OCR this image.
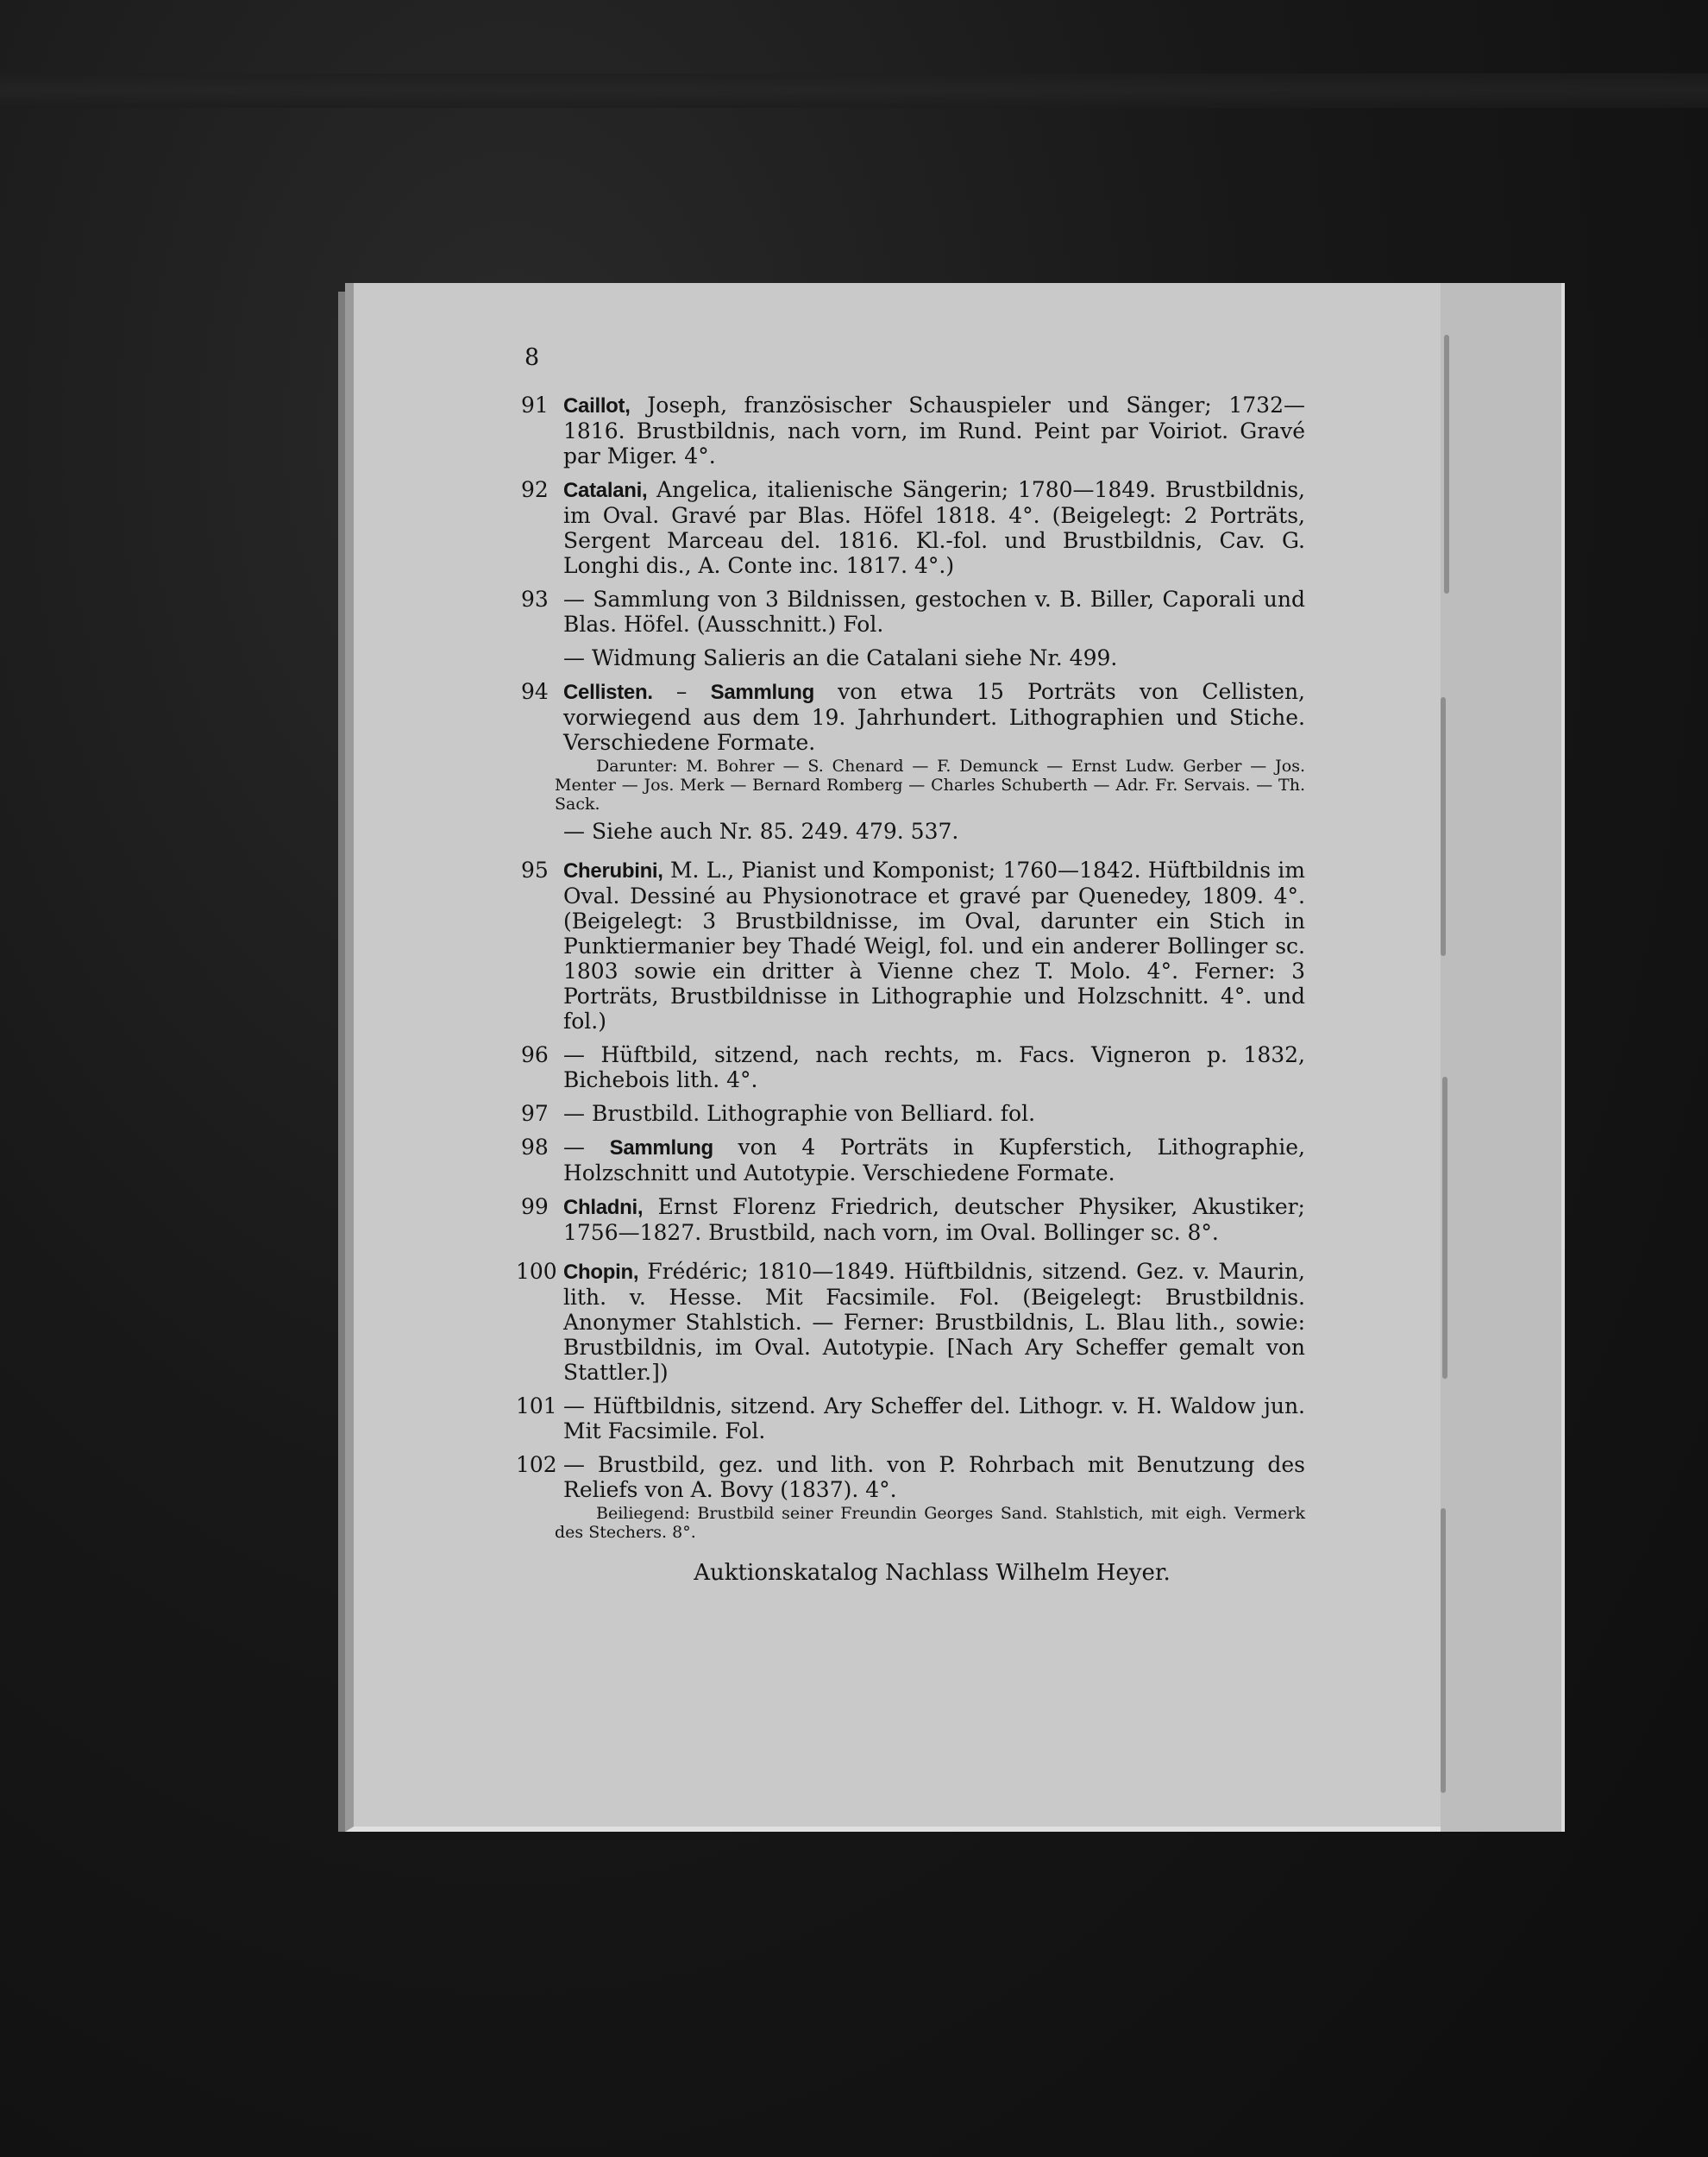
8
91 Caillot, Joseph, französischer Schauspieler und Sänger; 1732—1816. Brustbildnis, nach vorn, im Rund. Peint par Voiriot. Gravé par Miger. 4°.
92 Catalani, Angelica, italienische Sängerin; 1780—1849. Brustbildnis, im Oval. Gravé par Blas. Höfel 1818. 4°. (Beigelegt: 2 Porträts, Sergent Marceau del. 1816. Kl.-fol. und Brustbildnis, Cav. G. Longhi dis., A. Conte inc. 1817. 4°.)
93 — Sammlung von 3 Bildnissen, gestochen v. B. Biller, Caporali und Blas. Höfel. (Ausschnitt.) Fol.
— Widmung Salieris an die Catalani siehe Nr. 499.
94 Cellisten. – Sammlung von etwa 15 Porträts von Cellisten, vorwiegend aus dem 19. Jahrhundert. Lithographien und Stiche. Verschiedene Formate.
Darunter: M. Bohrer — S. Chenard — F. Demunck — Ernst Ludw. Gerber — Jos. Menter — Jos. Merk — Bernard Romberg — Charles Schuberth — Adr. Fr. Servais. — Th. Sack.
— Siehe auch Nr. 85. 249. 479. 537.
95 Cherubini, M. L., Pianist und Komponist; 1760—1842. Hüftbildnis im Oval. Dessiné au Physionotrace et gravé par Quenedey, 1809. 4°. (Beigelegt: 3 Brustbildnisse, im Oval, darunter ein Stich in Punktiermanier bey Thadé Weigl, fol. und ein anderer Bollinger sc. 1803 sowie ein dritter à Vienne chez T. Molo. 4°. Ferner: 3 Porträts, Brustbildnisse in Lithographie und Holzschnitt. 4°. und fol.)
96 — Hüftbild, sitzend, nach rechts, m. Facs. Vigneron p. 1832, Bichebois lith. 4°.
97 — Brustbild. Lithographie von Belliard. fol.
98 — Sammlung von 4 Porträts in Kupferstich, Lithographie, Holzschnitt und Autotypie. Verschiedene Formate.
99 Chladni, Ernst Florenz Friedrich, deutscher Physiker, Akustiker; 1756—1827. Brustbild, nach vorn, im Oval. Bollinger sc. 8°.
100 Chopin, Frédéric; 1810—1849. Hüftbildnis, sitzend. Gez. v. Maurin, lith. v. Hesse. Mit Facsimile. Fol. (Beigelegt: Brustbildnis. Anonymer Stahlstich. — Ferner: Brustbildnis, L. Blau lith., sowie: Brustbildnis, im Oval. Autotypie. [Nach Ary Scheffer gemalt von Stattler.])
101 — Hüftbildnis, sitzend. Ary Scheffer del. Lithogr. v. H. Waldow jun. Mit Facsimile. Fol.
102 — Brustbild, gez. und lith. von P. Rohrbach mit Benutzung des Reliefs von A. Bovy (1837). 4°.
Beiliegend: Brustbild seiner Freundin Georges Sand. Stahlstich, mit eigh. Vermerk des Stechers. 8°.
Auktionskatalog Nachlass Wilhelm Heyer.
